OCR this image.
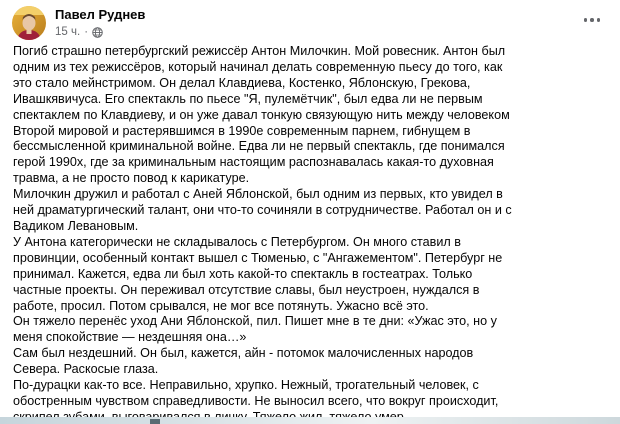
Павел Руднев
15 ч. ·

Погиб страшно петербургский режиссёр Антон Милочкин. Мой ровесник. Антон был

одним из тех режиссёров, который начинал делать современную пьесу до того, как

это стало мейнстримом. Он делал Клавдиева, Костенко, Яблонскую, Грекова,

Ивашкявичуса. Его спектакль по пьесе "Я, пулемётчик", был едва ли не первым

спектаклем по Клавдиеву, и он уже давал тонкую связующую нить между человеком

Второй мировой и растерявшимся в 1990е современным парнем, гибнущем в

бессмысленной криминальной войне. Едва ли не первый спектакль, где понимался

герой 1990х, где за криминальным настоящим распознавалась какая-то духовная

травма, а не просто повод к карикатуре.

Милочкин дружил и работал с Аней Яблонской, был одним из первых, кто увидел в

ней драматургический талант, они что-то сочиняли в сотрудничестве. Работал он и с

Вадиком Левановым.

У Антона категорически не складывалось с Петербургом. Он много ставил в

провинции, особенный контакт вышел с Тюменью, с "Ангажементом". Петербург не

принимал. Кажется, едва ли был хоть какой-то спектакль в гостеатрах. Только

частные проекты. Он переживал отсутствие славы, был неустроен, нуждался в

работе, просил. Потом срывался, не мог все потянуть. Ужасно всё это.

Он тяжело перенёс уход Ани Яблонской, пил. Пишет мне в те дни: «Ужас это, но у

меня спокойствие — нездешняя она…»

Сам был нездешний. Он был, кажется, айн - потомок малочисленных народов

Севера. Раскосые глаза.

По-дурацки как-то все. Неправильно, хрупко. Нежный, трогательный человек, с

обостренным чувством справедливости. Не выносил всего, что вокруг происходит,
